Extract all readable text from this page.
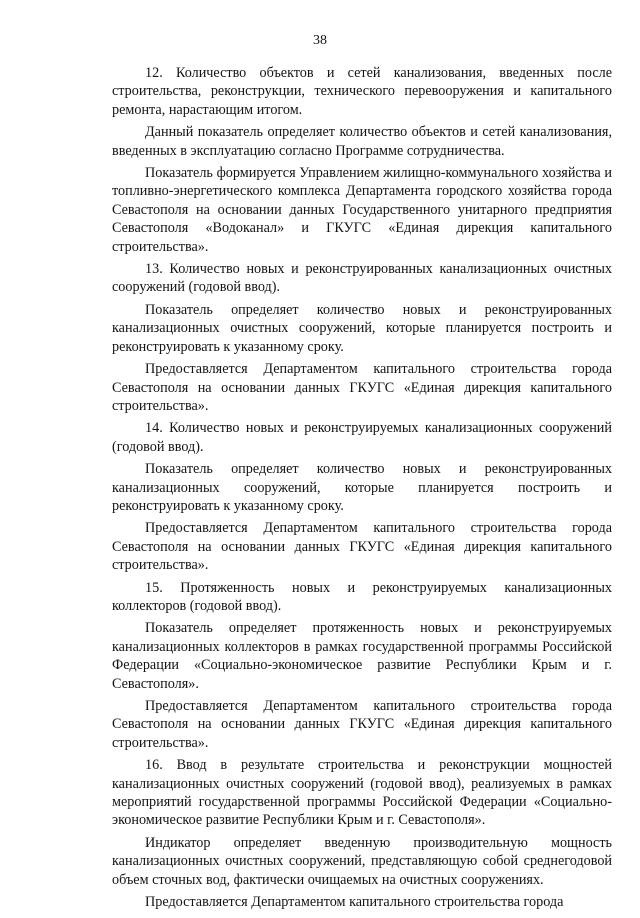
38

12. Количество объектов и сетей канализования, введенных после строительства, реконструкции, технического перевооружения и капитального ремонта, нарастающим итогом.

Данный показатель определяет количество объектов и сетей канализования, введенных в эксплуатацию согласно Программе сотрудничества.

Показатель формируется Управлением жилищно-коммунального хозяйства и топливно-энергетического комплекса Департамента городского хозяйства города Севастополя на основании данных Государственного унитарного предприятия Севастополя «Водоканал» и ГКУГС «Единая дирекция капитального строительства».

13. Количество новых и реконструированных канализационных очистных сооружений (годовой ввод).

Показатель определяет количество новых и реконструированных канализационных очистных сооружений, которые планируется построить и реконструировать к указанному сроку.

Предоставляется Департаментом капитального строительства города Севастополя на основании данных ГКУГС «Единая дирекция капитального строительства».

14. Количество новых и реконструируемых канализационных сооружений (годовой ввод).

Показатель определяет количество новых и реконструированных канализационных сооружений, которые планируется построить и реконструировать к указанному сроку.

Предоставляется Департаментом капитального строительства города Севастополя на основании данных ГКУГС «Единая дирекция капитального строительства».

15. Протяженность новых и реконструируемых канализационных коллекторов (годовой ввод).

Показатель определяет протяженность новых и реконструируемых канализационных коллекторов в рамках государственной программы Российской Федерации «Социально-экономическое развитие Республики Крым и г. Севастополя».

Предоставляется Департаментом капитального строительства города Севастополя на основании данных ГКУГС «Единая дирекция капитального строительства».

16. Ввод в результате строительства и реконструкции мощностей канализационных очистных сооружений (годовой ввод), реализуемых в рамках мероприятий государственной программы Российской Федерации «Социально-экономическое развитие Республики Крым и г. Севастополя».

Индикатор определяет введенную производительную мощность канализационных очистных сооружений, представляющую собой среднегодовой объем сточных вод, фактически очищаемых на очистных сооружениях.

Предоставляется Департаментом капитального строительства города
